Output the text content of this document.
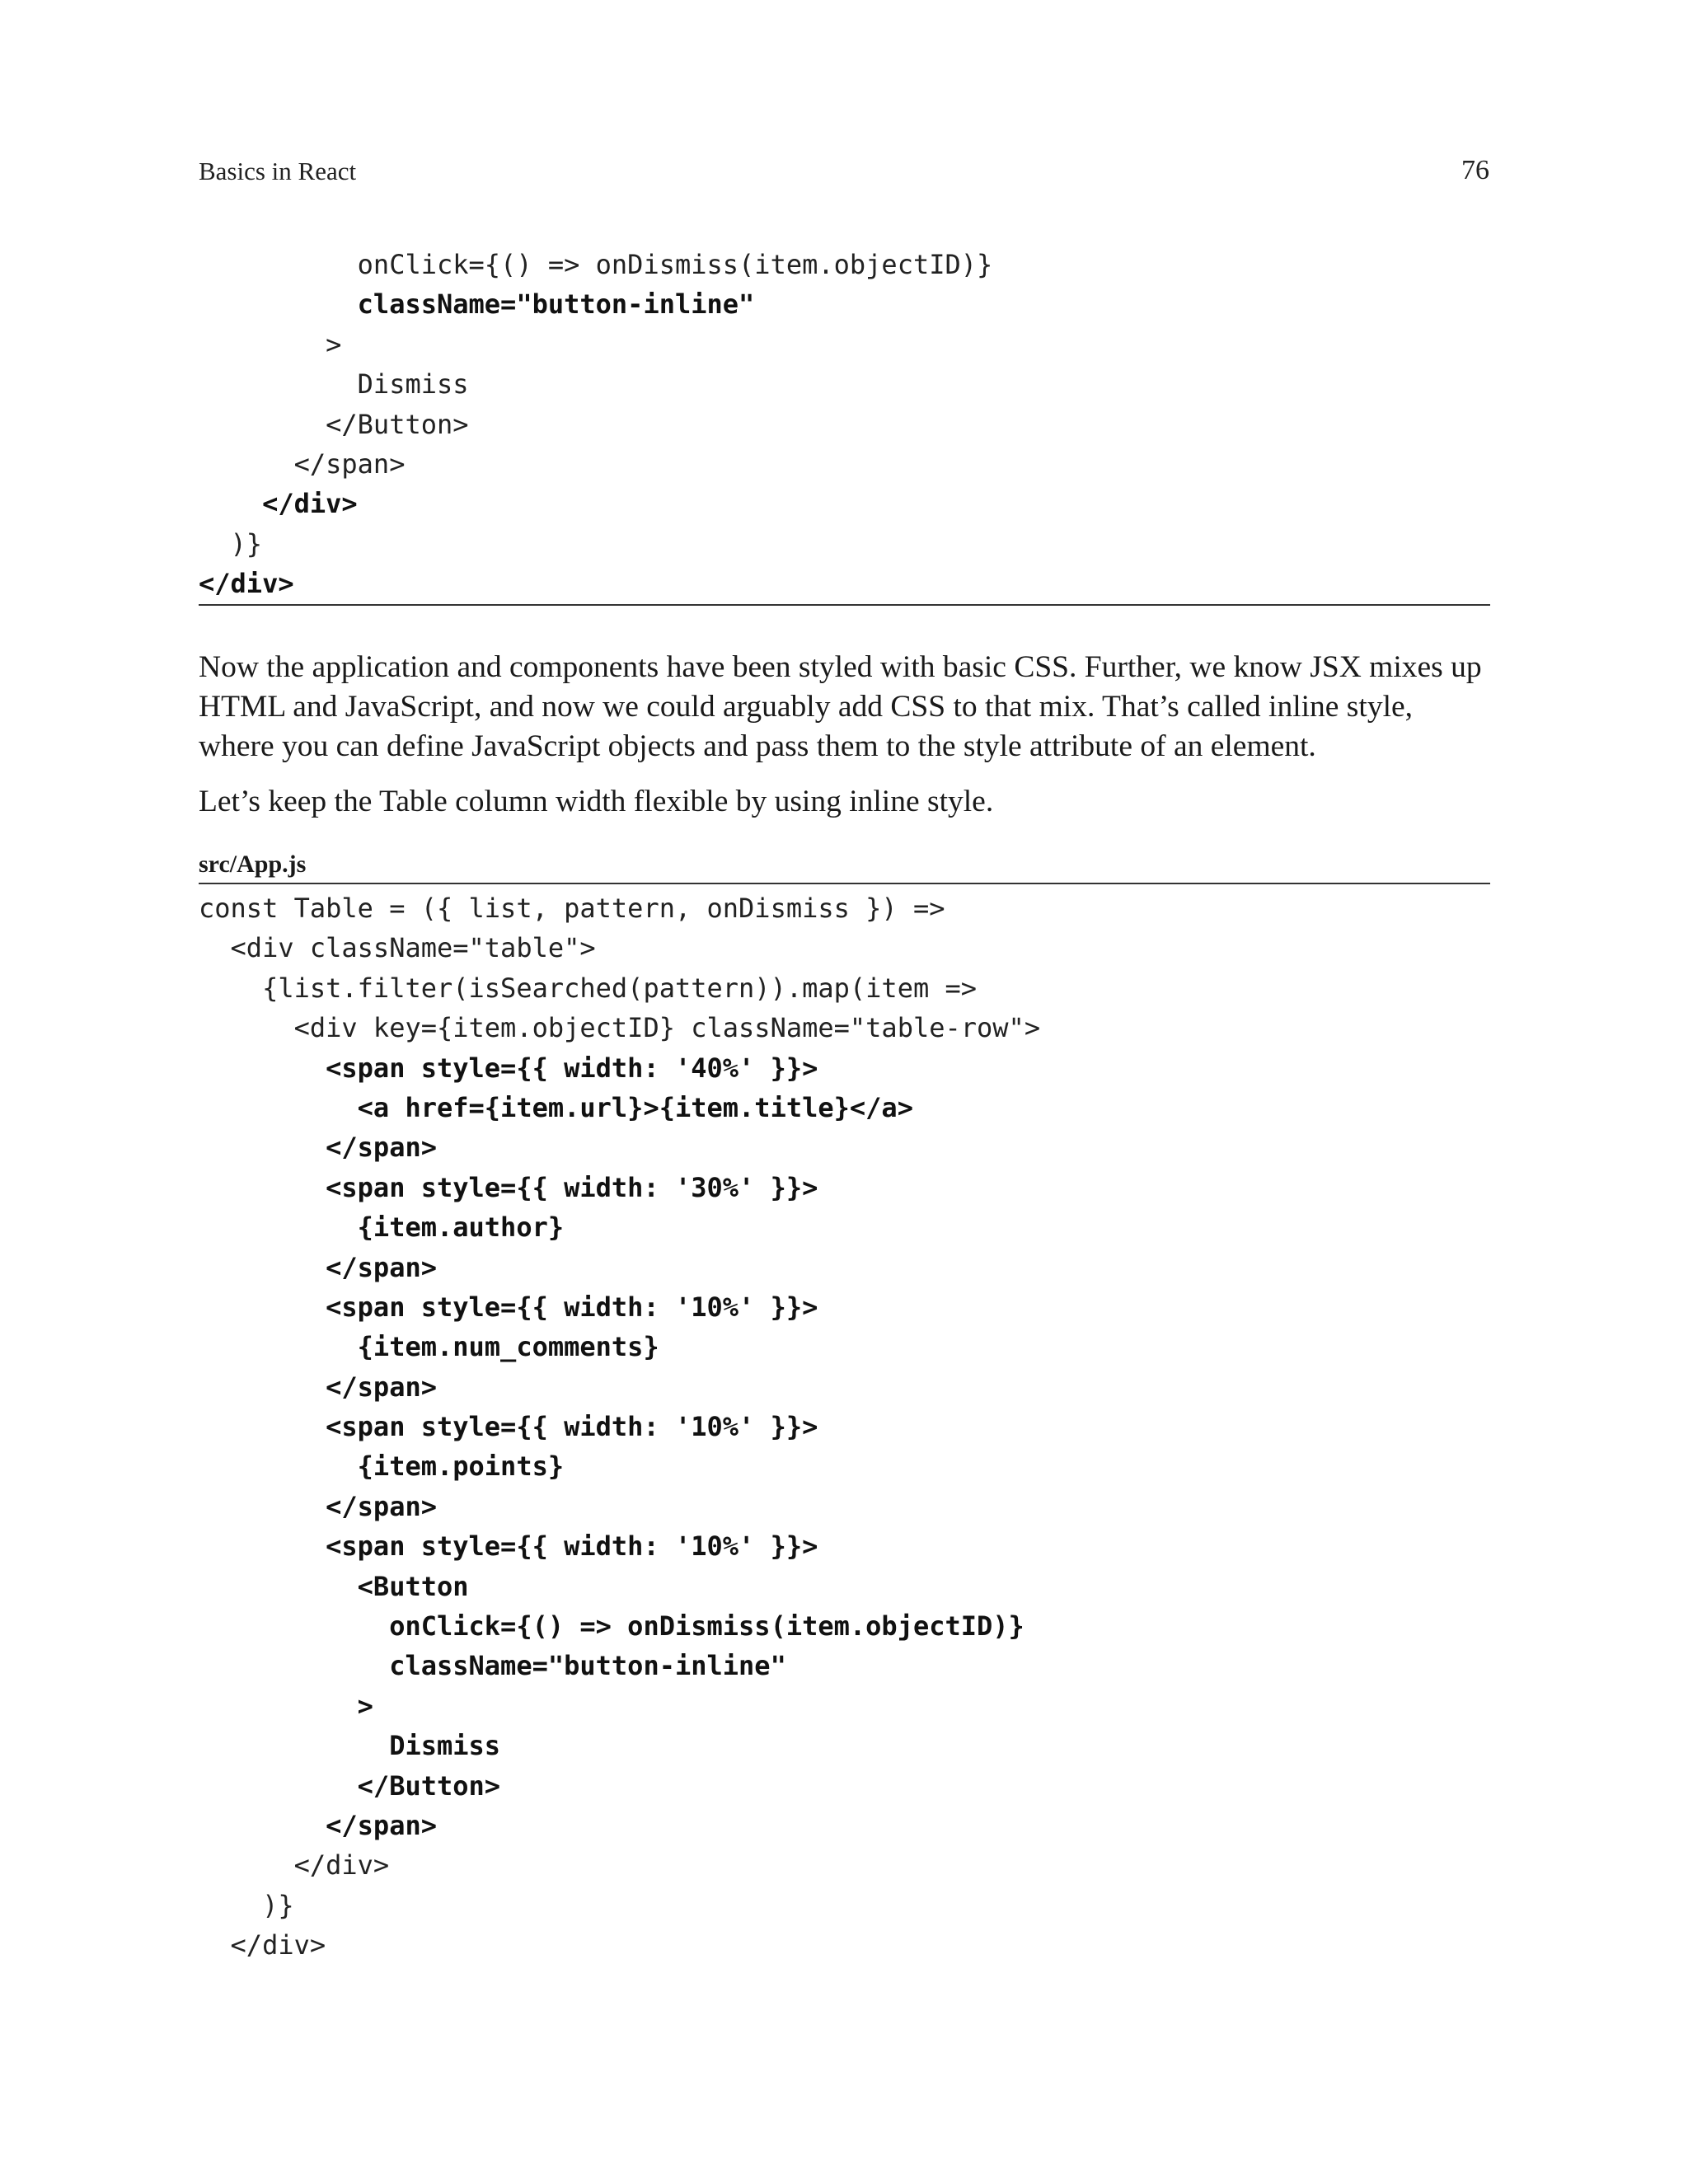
Basics in React	76
onClick={() => onDismiss(item.objectID)}
className="button-inline"
>
Dismiss
</Button>
</span>
</div>
)}
</div>

Now the application and components have been styled with basic CSS. Further, we know JSX mixes up HTML and JavaScript, and now we could arguably add CSS to that mix. That’s called inline style, where you can define JavaScript objects and pass them to the style attribute of an element.

Let’s keep the Table column width flexible by using inline style.

src/App.js
const Table = ({ list, pattern, onDismiss }) =>
<div className="table">
{list.filter(isSearched(pattern)).map(item =>
<div key={item.objectID} className="table-row">
<span style={{ width: '40%' }}>
<a href={item.url}>{item.title}</a>
</span>
<span style={{ width: '30%' }}>
{item.author}
</span>
<span style={{ width: '10%' }}>
{item.num_comments}
</span>
<span style={{ width: '10%' }}>
{item.points}
</span>
<span style={{ width: '10%' }}>
<Button
onClick={() => onDismiss(item.objectID)}
className="button-inline"
>
Dismiss
</Button>
</span>
</div>
)}
</div>
